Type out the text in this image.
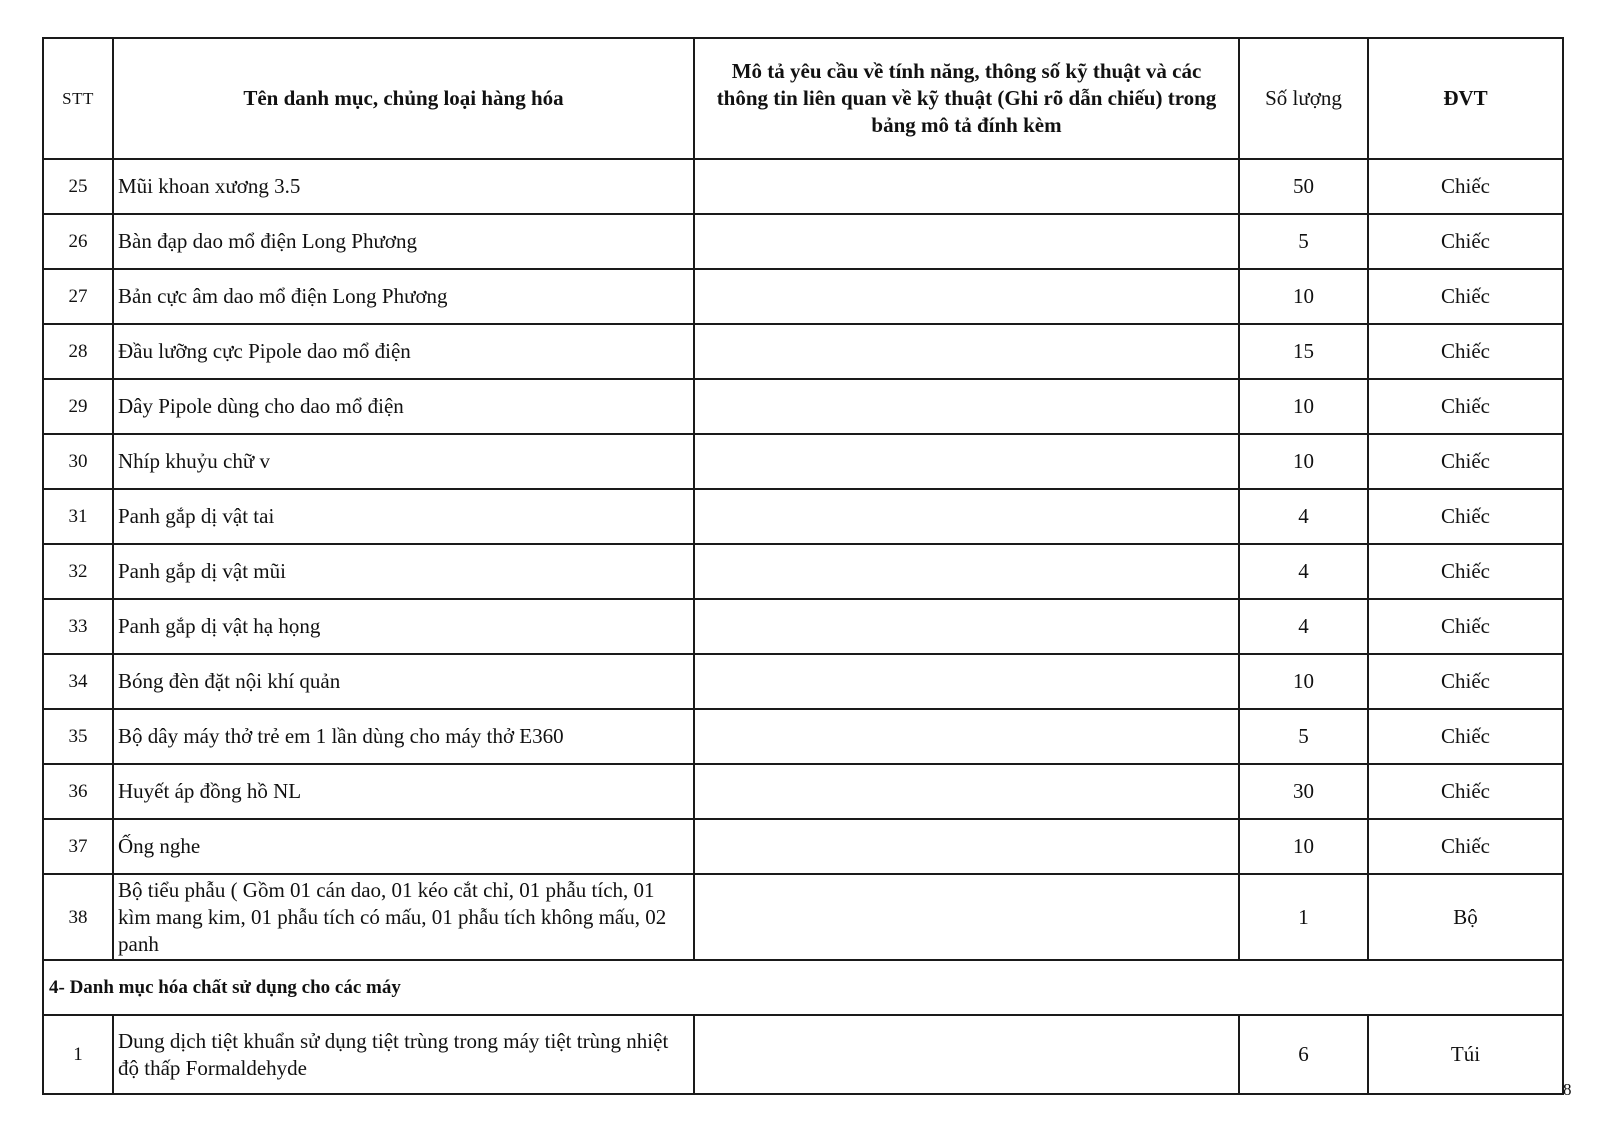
STT	Tên danh mục, chủng loại hàng hóa	Mô tả yêu cầu về tính năng, thông số kỹ thuật và các
thông tin liên quan về kỹ thuật (Ghi rõ dẫn chiếu) trong
bảng mô tả đính kèm	Số lượng	ĐVT
25	Mũi khoan xương 3.5		50	Chiếc
26	Bàn đạp dao mổ điện Long Phương		5	Chiếc
27	Bản cực âm dao mổ điện Long Phương		10	Chiếc
28	Đầu lưỡng cực Pipole dao mổ điện		15	Chiếc
29	Dây Pipole dùng cho dao mổ điện		10	Chiếc
30	Nhíp khuỷu chữ v		10	Chiếc
31	Panh gắp dị vật tai		4	Chiếc
32	Panh gắp dị vật mũi		4	Chiếc
33	Panh gắp dị vật hạ họng		4	Chiếc
34	Bóng đèn đặt nội khí quản		10	Chiếc
35	Bộ dây máy thở trẻ em 1 lần dùng cho máy thở E360		5	Chiếc
36	Huyết áp đồng hồ NL		30	Chiếc
37	Ống nghe		10	Chiếc
38	Bộ tiểu phẫu ( Gồm 01 cán dao, 01 kéo cắt chỉ, 01 phẫu tích, 01 kìm mang kim, 01 phẫu tích có mấu, 01 phẫu tích không mấu, 02 panh		1	Bộ
4- Danh mục hóa chất sử dụng cho các máy				
1	Dung dịch tiệt khuẩn sử dụng tiệt trùng trong máy tiệt trùng nhiệt độ thấp Formaldehyde		6	Túi
8
